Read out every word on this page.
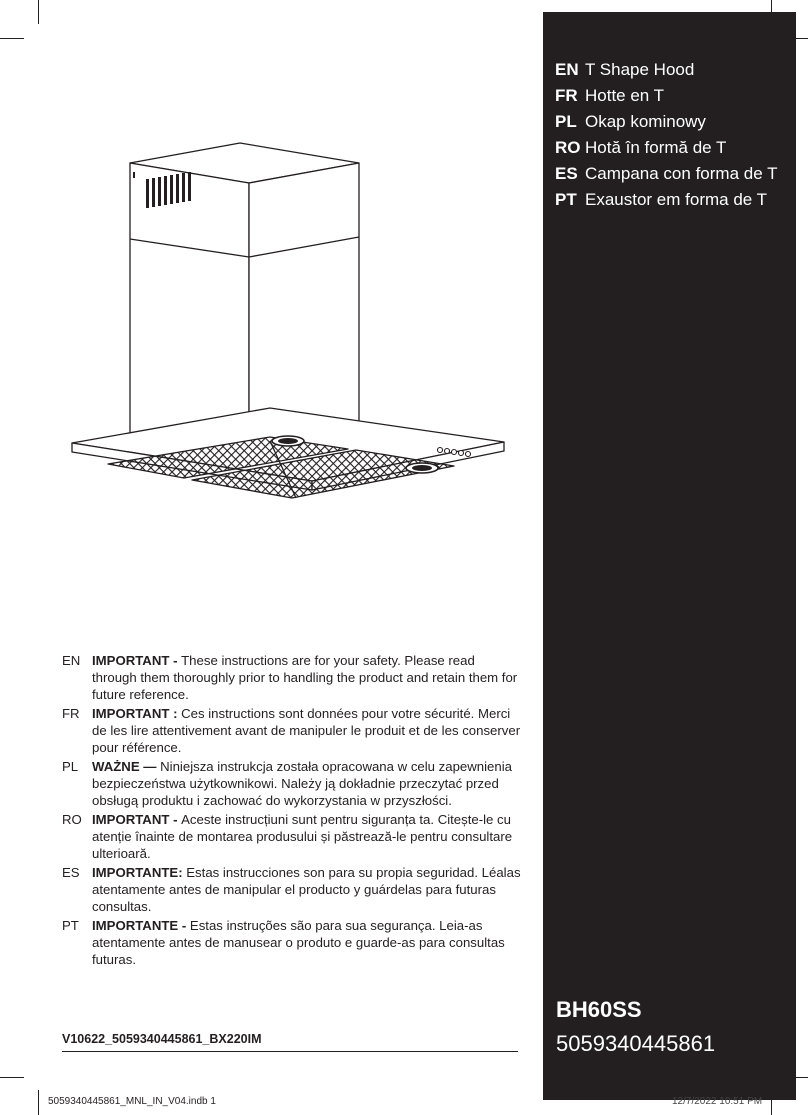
EN T Shape Hood
FR Hotte en T
PL Okap kominowy
RO Hotă în formă de T
ES Campana con forma de T
PT Exaustor em forma de T
BH60SS
5059340445861
EN IMPORTANT - These instructions are for your safety. Please read through them thoroughly prior to handling the product and retain them for future reference.
FR IMPORTANT : Ces instructions sont données pour votre sécurité. Merci de les lire attentivement avant de manipuler le produit et de les conserver pour référence.
PL	WAŻNE — Niniejsza instrukcja została opracowana w celu zapewnienia bezpieczeństwa użytkownikowi. Należy ją dokładnie przeczytać przed obsługą produktu i zachować do wykorzystania w przyszłości.
RO IMPORTANT - Aceste instrucțiuni sunt pentru siguranța ta. Citește-le cu atenție înainte de montarea produsului și păstrează-le pentru consultare ulterioară.
ES IMPORTANTE: Estas instrucciones son para su propia seguridad. Léalas atentamente antes de manipular el producto y guárdelas para futuras consultas.
PT IMPORTANTE - Estas instruções são para sua segurança. Leia-as atentamente antes de manusear o produto e guarde-as para consultas futuras.
V10622_5059340445861_BX220IM
5059340445861_MNL_IN_V04.indb 1	12/7/2022 10:51 PM
